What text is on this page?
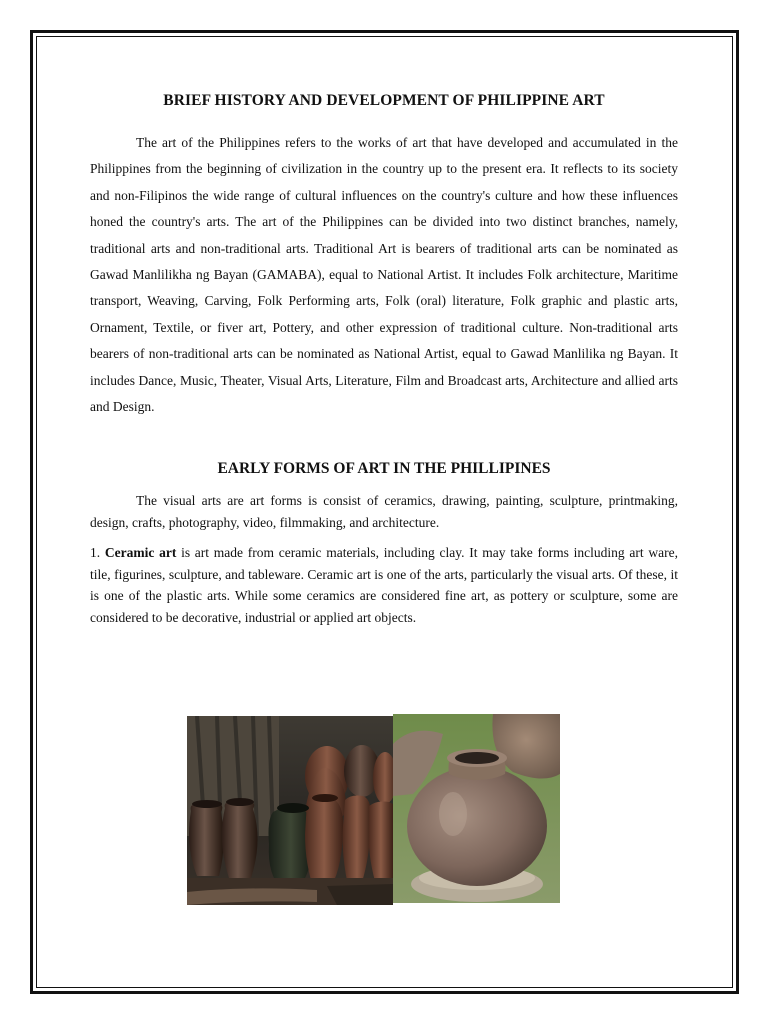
BRIEF HISTORY AND DEVELOPMENT OF PHILIPPINE ART

The art of the Philippines refers to the works of art that have developed and accumulated in the Philippines from the beginning of civilization in the country up to the present era. It reflects to its society and non-Filipinos the wide range of cultural influences on the country's culture and how these influences honed the country's arts. The art of the Philippines can be divided into two distinct branches, namely, traditional arts and non-traditional arts. Traditional Art is bearers of traditional arts can be nominated as Gawad Manlilikha ng Bayan (GAMABA), equal to National Artist. It includes Folk architecture, Maritime transport, Weaving, Carving, Folk Performing arts, Folk (oral) literature, Folk graphic and plastic arts, Ornament, Textile, or fiver art, Pottery, and other expression of traditional culture. Non-traditional arts bearers of non-traditional arts can be nominated as National Artist, equal to Gawad Manlilika ng Bayan. It includes Dance, Music, Theater, Visual Arts, Literature, Film and Broadcast arts, Architecture and allied arts and Design.

EARLY FORMS OF ART IN THE PHILLIPINES

The visual arts are art forms is consist of ceramics, drawing, painting, sculpture, printmaking, design, crafts, photography, video, filmmaking, and architecture.

1. Ceramic art is art made from ceramic materials, including clay. It may take forms including art ware, tile, figurines, sculpture, and tableware. Ceramic art is one of the arts, particularly the visual arts. Of these, it is one of the plastic arts. While some ceramics are considered fine art, as pottery or sculpture, some are considered to be decorative, industrial or applied art objects.
